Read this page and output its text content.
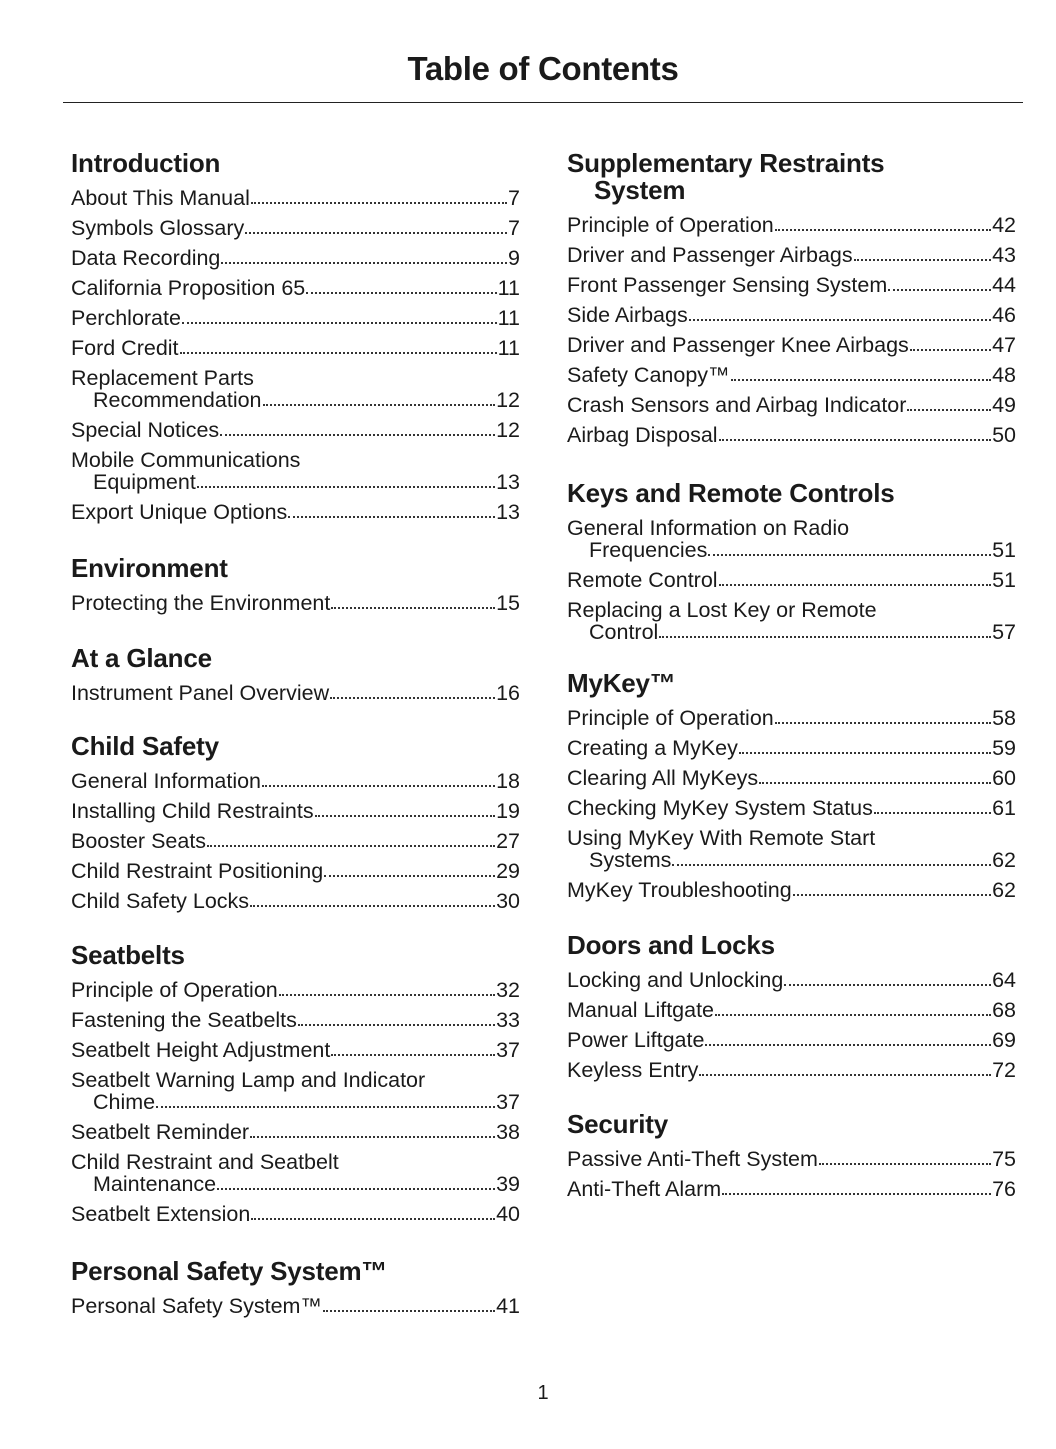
Table of Contents
Introduction
About This Manual	7
Symbols Glossary	7
Data Recording	9
California Proposition 65	11
Perchlorate	11
Ford Credit	11
Replacement Parts
Recommendation	12
Special Notices	12
Mobile Communications
Equipment	13
Export Unique Options	13
Environment
Protecting the Environment	15
At a Glance
Instrument Panel Overview	16
Child Safety
General Information	18
Installing Child Restraints	19
Booster Seats	27
Child Restraint Positioning	29
Child Safety Locks	30
Seatbelts
Principle of Operation	32
Fastening the Seatbelts	33
Seatbelt Height Adjustment	37
Seatbelt Warning Lamp and Indicator
Chime	37
Seatbelt Reminder	38
Child Restraint and Seatbelt
Maintenance	39
Seatbelt Extension	40
Personal Safety System™
Personal Safety System™	41
Supplementary Restraints
System
Principle of Operation	42
Driver and Passenger Airbags	43
Front Passenger Sensing System	44
Side Airbags	46
Driver and Passenger Knee Airbags	47
Safety Canopy™	48
Crash Sensors and Airbag Indicator	49
Airbag Disposal	50
Keys and Remote Controls
General Information on Radio
Frequencies	51
Remote Control	51
Replacing a Lost Key or Remote
Control	57
MyKey™
Principle of Operation	58
Creating a MyKey	59
Clearing All MyKeys	60
Checking MyKey System Status	61
Using MyKey With Remote Start
Systems	62
MyKey Troubleshooting	62
Doors and Locks
Locking and Unlocking	64
Manual Liftgate	68
Power Liftgate	69
Keyless Entry	72
Security
Passive Anti-Theft System	75
Anti-Theft Alarm	76
1
